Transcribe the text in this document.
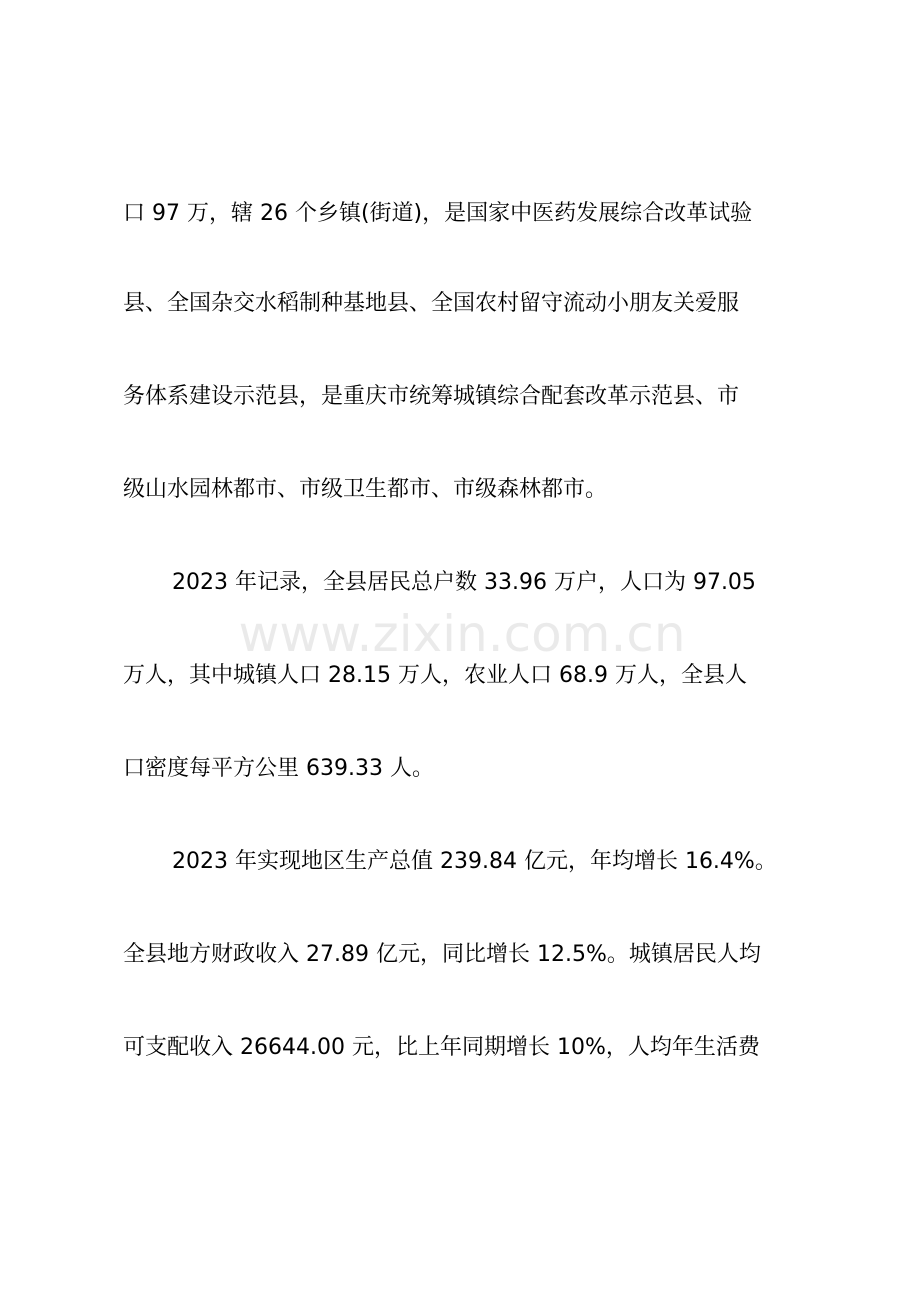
口 97 万，辖 26 个乡镇(街道)，是国家中医药发展综合改革试验
县、全国杂交水稻制种基地县、全国农村留守流动小朋友关爱服
务体系建设示范县，是重庆市统筹城镇综合配套改革示范县、市
级山水园林都市、市级卫生都市、市级森林都市。
2023 年记录，全县居民总户数 33.96 万户，人口为 97.05
万人，其中城镇人口 28.15 万人，农业人口 68.9 万人，全县人
口密度每平方公里 639.33 人。
2023 年实现地区生产总值 239.84 亿元，年均增长 16.4%。
全县地方财政收入 27.89 亿元，同比增长 12.5%。城镇居民人均
可支配收入 26644.00 元，比上年同期增长 10%，人均年生活费
www.zixin.com.cn
